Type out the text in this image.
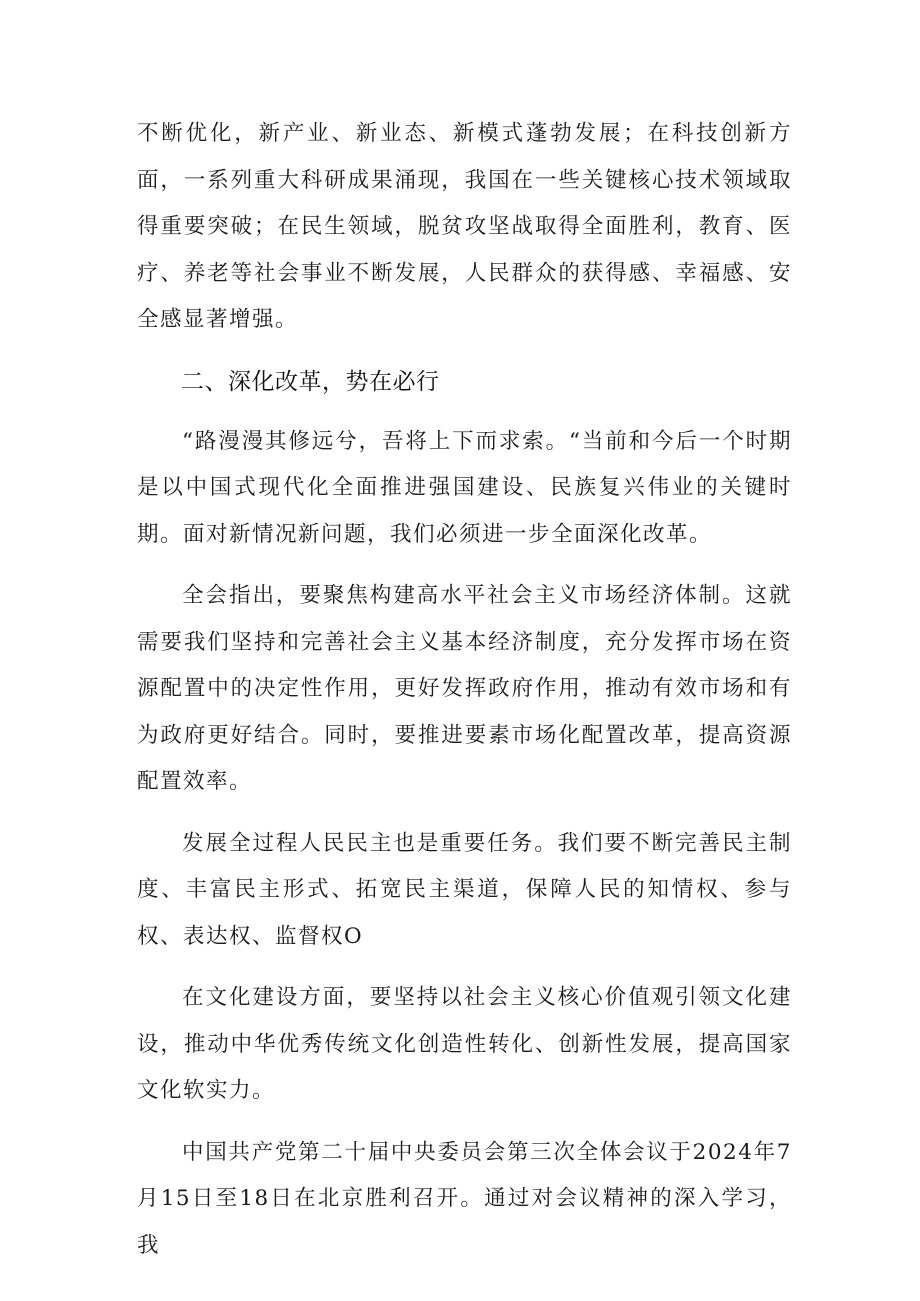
不断优化，新产业、新业态、新模式蓬勃发展；在科技创新方面，一系列重大科研成果涌现，我国在一些关键核心技术领域取得重要突破；在民生领域，脱贫攻坚战取得全面胜利，教育、医疗、养老等社会事业不断发展，人民群众的获得感、幸福感、安全感显著增强。

二、深化改革，势在必行

“路漫漫其修远兮，吾将上下而求索。“当前和今后一个时期是以中国式现代化全面推进强国建设、民族复兴伟业的关键时期。面对新情况新问题，我们必须进一步全面深化改革。

全会指出，要聚焦构建高水平社会主义市场经济体制。这就需要我们坚持和完善社会主义基本经济制度，充分发挥市场在资源配置中的决定性作用，更好发挥政府作用，推动有效市场和有为政府更好结合。同时，要推进要素市场化配置改革，提高资源配置效率。

发展全过程人民民主也是重要任务。我们要不断完善民主制度、丰富民主形式、拓宽民主渠道，保障人民的知情权、参与权、表达权、监督权O

在文化建设方面，要坚持以社会主义核心价值观引领文化建设，推动中华优秀传统文化创造性转化、创新性发展，提高国家文化软实力。

中国共产党第二十届中央委员会第三次全体会议于2024年7月15日至18日在北京胜利召开。通过对会议精神的深入学习，我
